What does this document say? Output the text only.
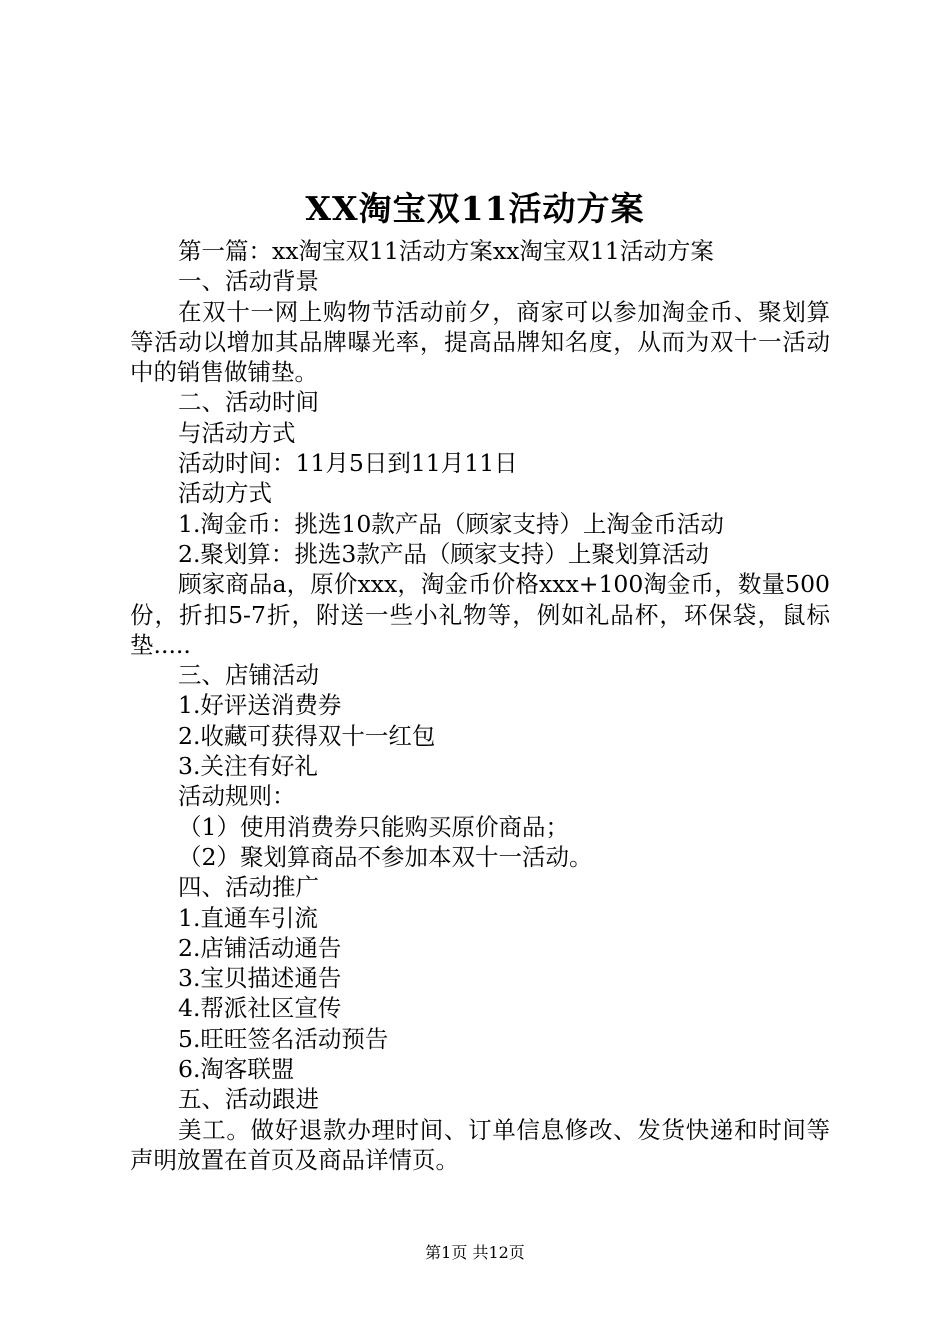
XX淘宝双11活动方案

第一篇：xx淘宝双11活动方案xx淘宝双11活动方案

一、活动背景

在双十一网上购物节活动前夕，商家可以参加淘金币、聚划算等活动以增加其品牌曝光率，提高品牌知名度，从而为双十一活动中的销售做铺垫。

二、活动时间

与活动方式

活动时间：11月5日到11月11日

活动方式

1.淘金币：挑选10款产品（顾家支持）上淘金币活动

2.聚划算：挑选3款产品（顾家支持）上聚划算活动

顾家商品a，原价xxx，淘金币价格xxx+100淘金币，数量500份，折扣5-7折，附送一些小礼物等，例如礼品杯，环保袋，鼠标垫.....

三、店铺活动

1.好评送消费券

2.收藏可获得双十一红包

3.关注有好礼

活动规则：

（1）使用消费券只能购买原价商品；

（2）聚划算商品不参加本双十一活动。

四、活动推广

1.直通车引流

2.店铺活动通告

3.宝贝描述通告

4.帮派社区宣传

5.旺旺签名活动预告

6.淘客联盟

五、活动跟进

美工。做好退款办理时间、订单信息修改、发货快递和时间等声明放置在首页及商品详情页。

第1页 共12页
